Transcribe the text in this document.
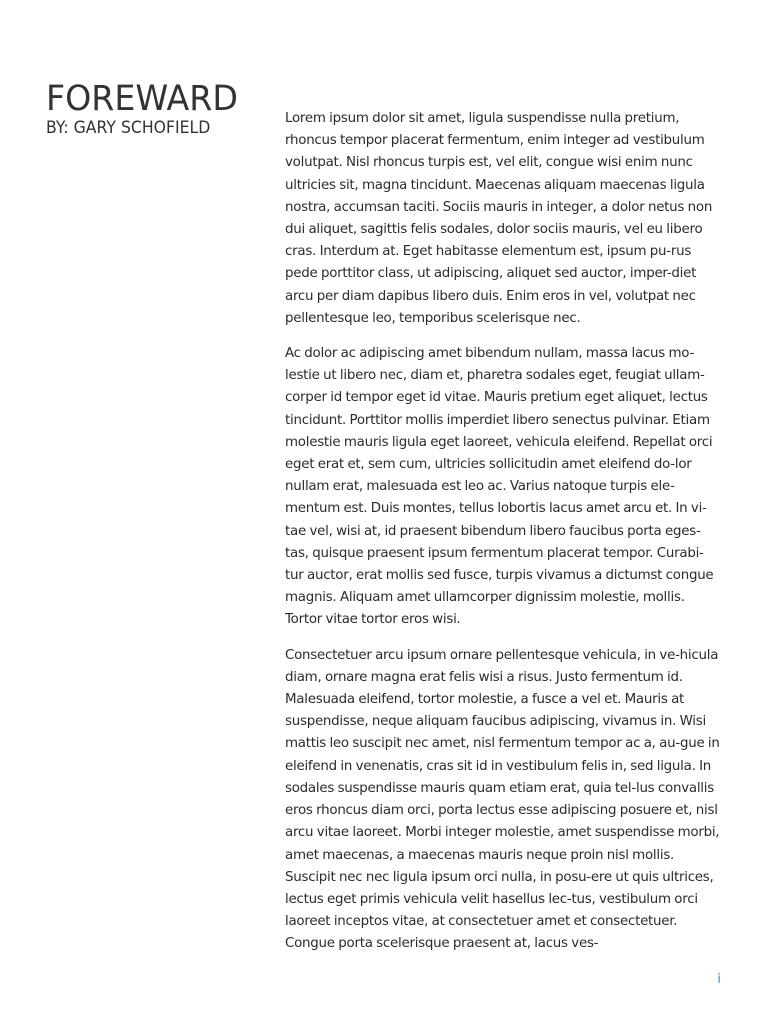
FOREWARD
BY: GARY SCHOFIELD	Lorem ipsum dolor sit amet, ligula suspendisse nulla pretium, rhoncus tempor placerat fermentum, enim integer ad vestibulum volutpat. Nisl rhoncus turpis est, vel elit, congue wisi enim nunc ultricies sit, magna tincidunt. Maecenas aliquam maecenas ligula nostra, accumsan taciti. Sociis mauris in integer, a dolor netus non dui aliquet, sagittis felis sodales, dolor sociis mauris, vel eu libero cras. Interdum at. Eget habitasse elementum est, ipsum pu-rus pede porttitor class, ut adipiscing, aliquet sed auctor, imper-diet arcu per diam dapibus libero duis. Enim eros in vel, volutpat nec pellentesque leo, temporibus scelerisque nec.

Ac dolor ac adipiscing amet bibendum nullam, massa lacus mo-lestie ut libero nec, diam et, pharetra sodales eget, feugiat ullam-corper id tempor eget id vitae. Mauris pretium eget aliquet, lectus tincidunt. Porttitor mollis imperdiet libero senectus pulvinar. Etiam molestie mauris ligula eget laoreet, vehicula eleifend. Repellat orci eget erat et, sem cum, ultricies sollicitudin amet eleifend do-lor nullam erat, malesuada est leo ac. Varius natoque turpis ele-mentum est. Duis montes, tellus lobortis lacus amet arcu et. In vi-tae vel, wisi at, id praesent bibendum libero faucibus porta eges-tas, quisque praesent ipsum fermentum placerat tempor. Curabi-tur auctor, erat mollis sed fusce, turpis vivamus a dictumst congue magnis. Aliquam amet ullamcorper dignissim molestie, mollis. Tortor vitae tortor eros wisi.

Consectetuer arcu ipsum ornare pellentesque vehicula, in ve-hicula diam, ornare magna erat felis wisi a risus. Justo fermentum id. Malesuada eleifend, tortor molestie, a fusce a vel et. Mauris at suspendisse, neque aliquam faucibus adipiscing, vivamus in. Wisi mattis leo suscipit nec amet, nisl fermentum tempor ac a, au-gue in eleifend in venenatis, cras sit id in vestibulum felis in, sed ligula. In sodales suspendisse mauris quam etiam erat, quia tel-lus convallis eros rhoncus diam orci, porta lectus esse adipiscing posuere et, nisl arcu vitae laoreet. Morbi integer molestie, amet suspendisse morbi, amet maecenas, a maecenas mauris neque proin nisl mollis. Suscipit nec nec ligula ipsum orci nulla, in posu-ere ut quis ultrices, lectus eget primis vehicula velit hasellus lec-tus, vestibulum orci laoreet inceptos vitae, at consectetuer amet et consectetuer. Congue porta scelerisque praesent at, lacus ves-

i
